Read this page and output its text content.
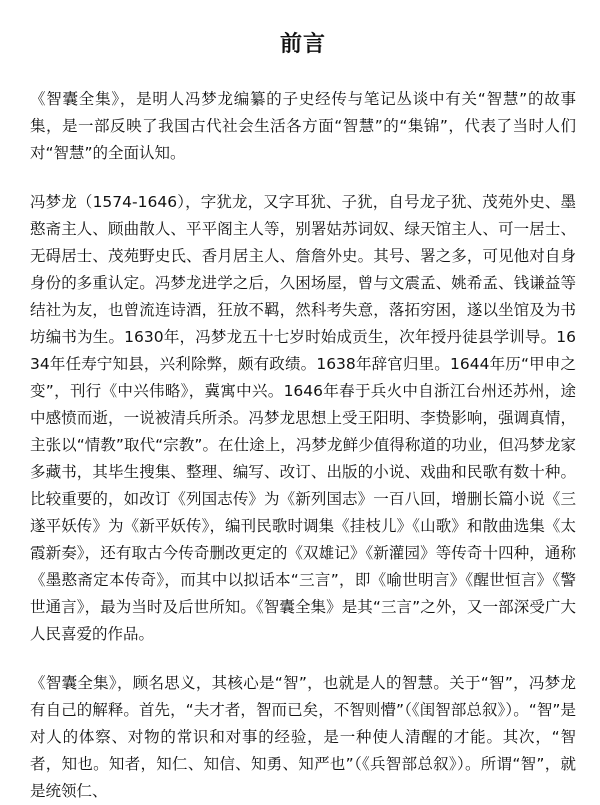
前言

《智囊全集》，是明人冯梦龙编纂的子史经传与笔记丛谈中有关“智慧”的故事集，是一部反映了我国古代社会生活各方面“智慧”的“集锦”，代表了当时人们对“智慧”的全面认知。

冯梦龙（1574-1646），字犹龙，又字耳犹、子犹，自号龙子犹、茂苑外史、墨憨斋主人、顾曲散人、平平阁主人等，别署姑苏词奴、绿天馆主人、可一居士、无碍居士、茂苑野史氏、香月居主人、詹詹外史。其号、署之多，可见他对自身身份的多重认定。冯梦龙进学之后，久困场屋，曾与文震孟、姚希孟、钱谦益等结社为友，也曾流连诗酒，狂放不羁，然科考失意，落拓穷困，遂以坐馆及为书坊编书为生。1630年，冯梦龙五十七岁时始成贡生，次年授丹徒县学训导。1634年任寿宁知县，兴利除弊，颇有政绩。1638年辞官归里。1644年历“甲申之变”，刊行《中兴伟略》，冀寓中兴。1646年春于兵火中自浙江台州还苏州，途中感愤而逝，一说被清兵所杀。冯梦龙思想上受王阳明、李贽影响，强调真情，主张以“情教”取代“宗教”。在仕途上，冯梦龙鲜少值得称道的功业，但冯梦龙家多藏书，其毕生搜集、整理、编写、改订、出版的小说、戏曲和民歌有数十种。比较重要的，如改订《列国志传》为《新列国志》一百八回，增删长篇小说《三遂平妖传》为《新平妖传》，编刊民歌时调集《挂枝儿》《山歌》和散曲选集《太霞新奏》，还有取古今传奇删改更定的《双雄记》《新灌园》等传奇十四种，通称《墨憨斋定本传奇》，而其中以拟话本“三言”，即《喻世明言》《醒世恒言》《警世通言》，最为当时及后世所知。《智囊全集》是其“三言”之外，又一部深受广大人民喜爱的作品。

《智囊全集》，顾名思义，其核心是“智”，也就是人的智慧。关于“智”，冯梦龙有自己的解释。首先，“夫才者，智而已矣，不智则懵”（《闺智部总叙》）。“智”是对人的体察、对物的常识和对事的经验，是一种使人清醒的才能。其次，“智者，知也。知者，知仁、知信、知勇、知严也”（《兵智部总叙》）。所谓“智”，就是统领仁、
